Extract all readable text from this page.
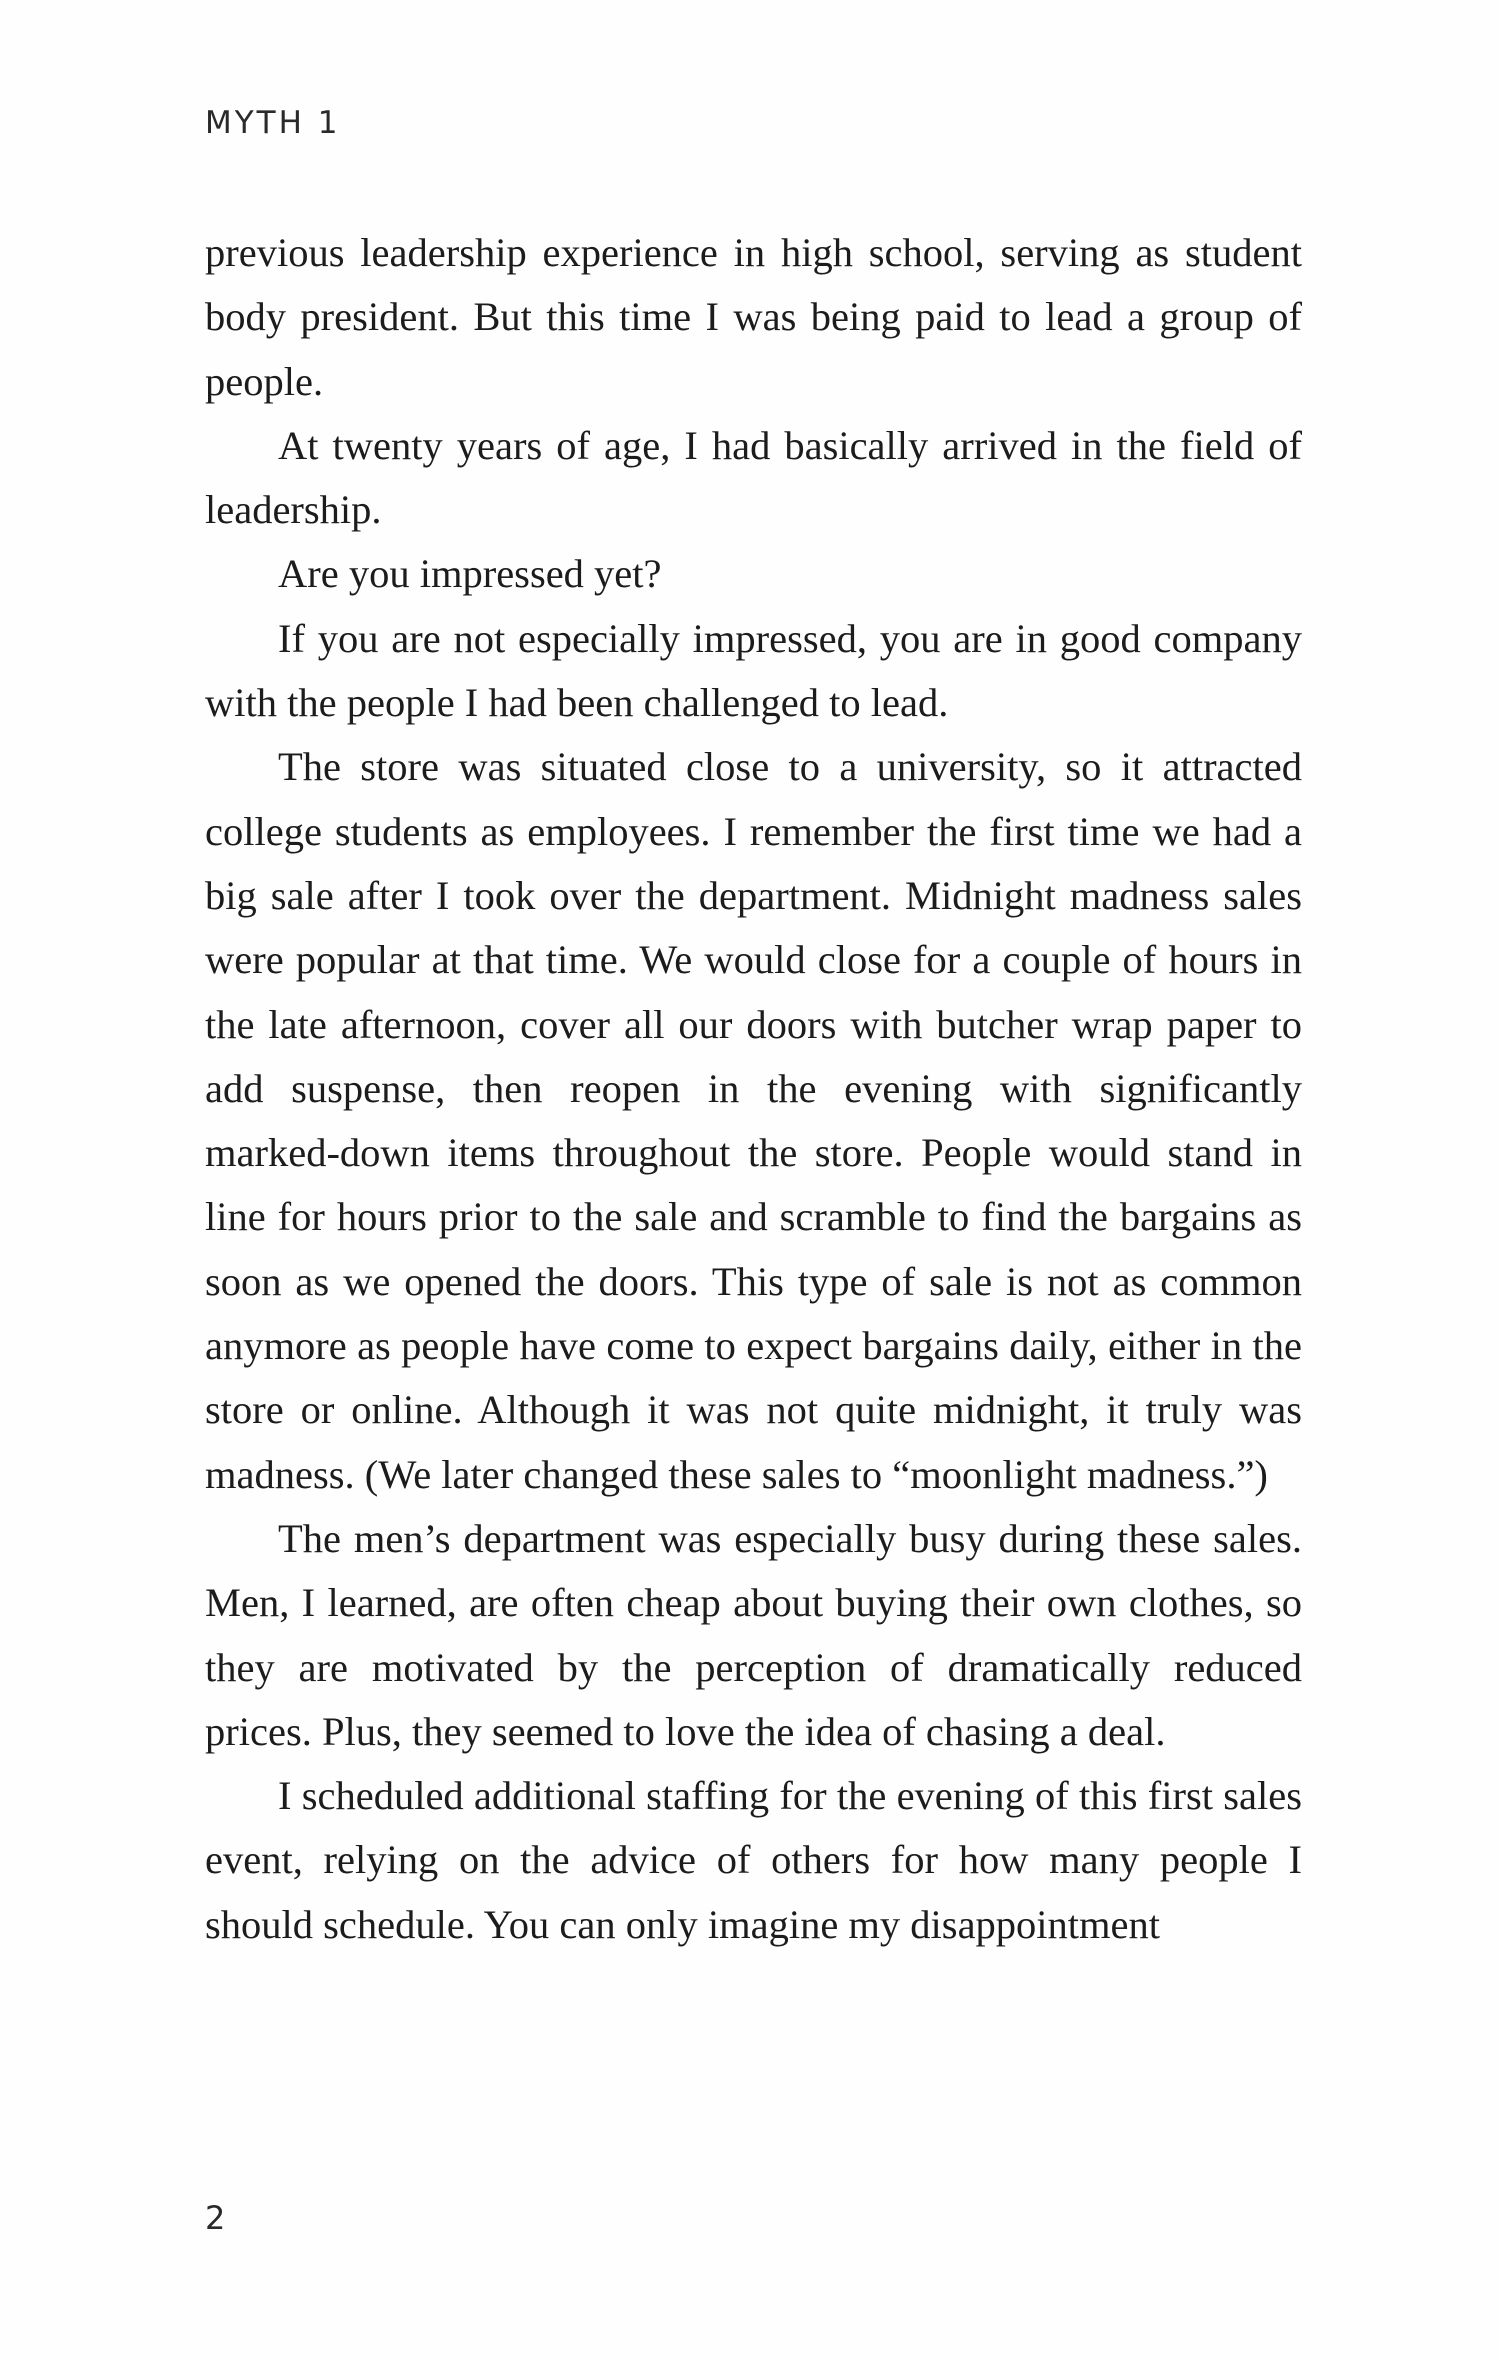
MYTH 1

previous leadership experience in high school, serving as student body president. But this time I was being paid to lead a group of people.

At twenty years of age, I had basically arrived in the field of leadership.

Are you impressed yet?

If you are not especially impressed, you are in good company with the people I had been challenged to lead.

The store was situated close to a university, so it attracted college students as employees. I remember the first time we had a big sale after I took over the department. Midnight madness sales were popular at that time. We would close for a couple of hours in the late afternoon, cover all our doors with butcher wrap paper to add suspense, then reopen in the evening with significantly marked-down items throughout the store. People would stand in line for hours prior to the sale and scramble to find the bargains as soon as we opened the doors. This type of sale is not as common anymore as people have come to expect bargains daily, either in the store or online. Although it was not quite midnight, it truly was madness. (We later changed these sales to “moonlight madness.”)

The men’s department was especially busy during these sales. Men, I learned, are often cheap about buying their own clothes, so they are motivated by the perception of dramatically reduced prices. Plus, they seemed to love the idea of chasing a deal.

I scheduled additional staffing for the evening of this first sales event, relying on the advice of others for how many people I should schedule. You can only imagine my disappointment

2
